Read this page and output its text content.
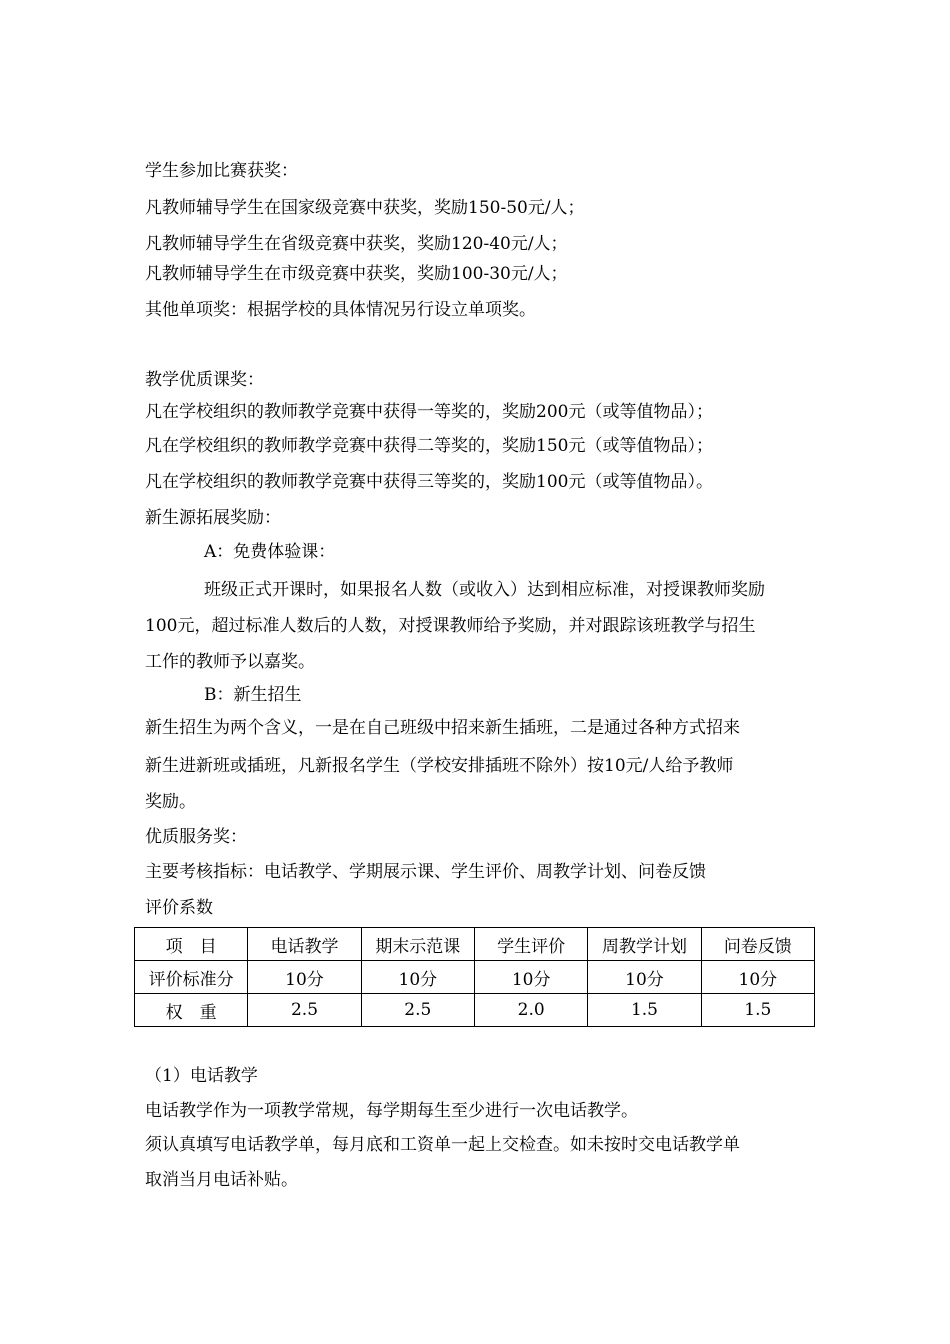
学生参加比赛获奖：

凡教师辅导学生在国家级竞赛中获奖，奖励150-50元/人；

凡教师辅导学生在省级竞赛中获奖，奖励120-40元/人；

凡教师辅导学生在市级竞赛中获奖，奖励100-30元/人；

其他单项奖：根据学校的具体情况另行设立单项奖。

教学优质课奖：

凡在学校组织的教师教学竞赛中获得一等奖的，奖励200元（或等值物品）；

凡在学校组织的教师教学竞赛中获得二等奖的，奖励150元（或等值物品）；

凡在学校组织的教师教学竞赛中获得三等奖的，奖励100元（或等值物品）。

新生源拓展奖励：

A：免费体验课：

班级正式开课时，如果报名人数（或收入）达到相应标准，对授课教师奖励

100元，超过标准人数后的人数，对授课教师给予奖励，并对跟踪该班教学与招生

工作的教师予以嘉奖。

B：新生招生

新生招生为两个含义，一是在自己班级中招来新生插班，二是通过各种方式招来

新生进新班或插班，凡新报名学生（学校安排插班不除外）按10元/人给予教师

奖励。

优质服务奖：

主要考核指标：电话教学、学期展示课、学生评价、周教学计划、问卷反馈

评价系数

项　目	电话教学	期末示范课	学生评价	周教学计划	问卷反馈
评价标准分	10分	10分	10分	10分	10分
权　重	2.5	2.5	2.0	1.5	1.5

（1）电话教学

电话教学作为一项教学常规，每学期每生至少进行一次电话教学。

须认真填写电话教学单，每月底和工资单一起上交检查。如未按时交电话教学单

取消当月电话补贴。
